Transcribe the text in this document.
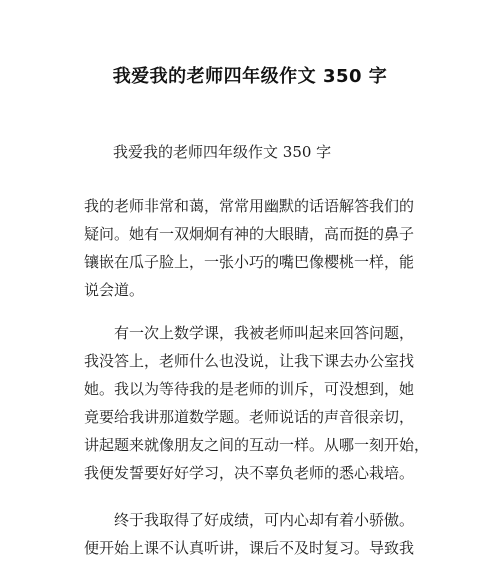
我爱我的老师四年级作文 350 字
我爱我的老师四年级作文 350 字
我的老师非常和蔼，常常用幽默的话语解答我们的
疑问。她有一双炯炯有神的大眼睛，高而挺的鼻子
镶嵌在瓜子脸上，一张小巧的嘴巴像樱桃一样，能
说会道。
　　有一次上数学课，我被老师叫起来回答问题，
我没答上，老师什么也没说，让我下课去办公室找
她。我以为等待我的是老师的训斥，可没想到，她
竟要给我讲那道数学题。老师说话的声音很亲切，
讲起题来就像朋友之间的互动一样。从哪一刻开始，
我便发誓要好好学习，决不辜负老师的悉心栽培。
　　终于我取得了好成绩，可内心却有着小骄傲。
便开始上课不认真听讲，课后不及时复习。导致我
